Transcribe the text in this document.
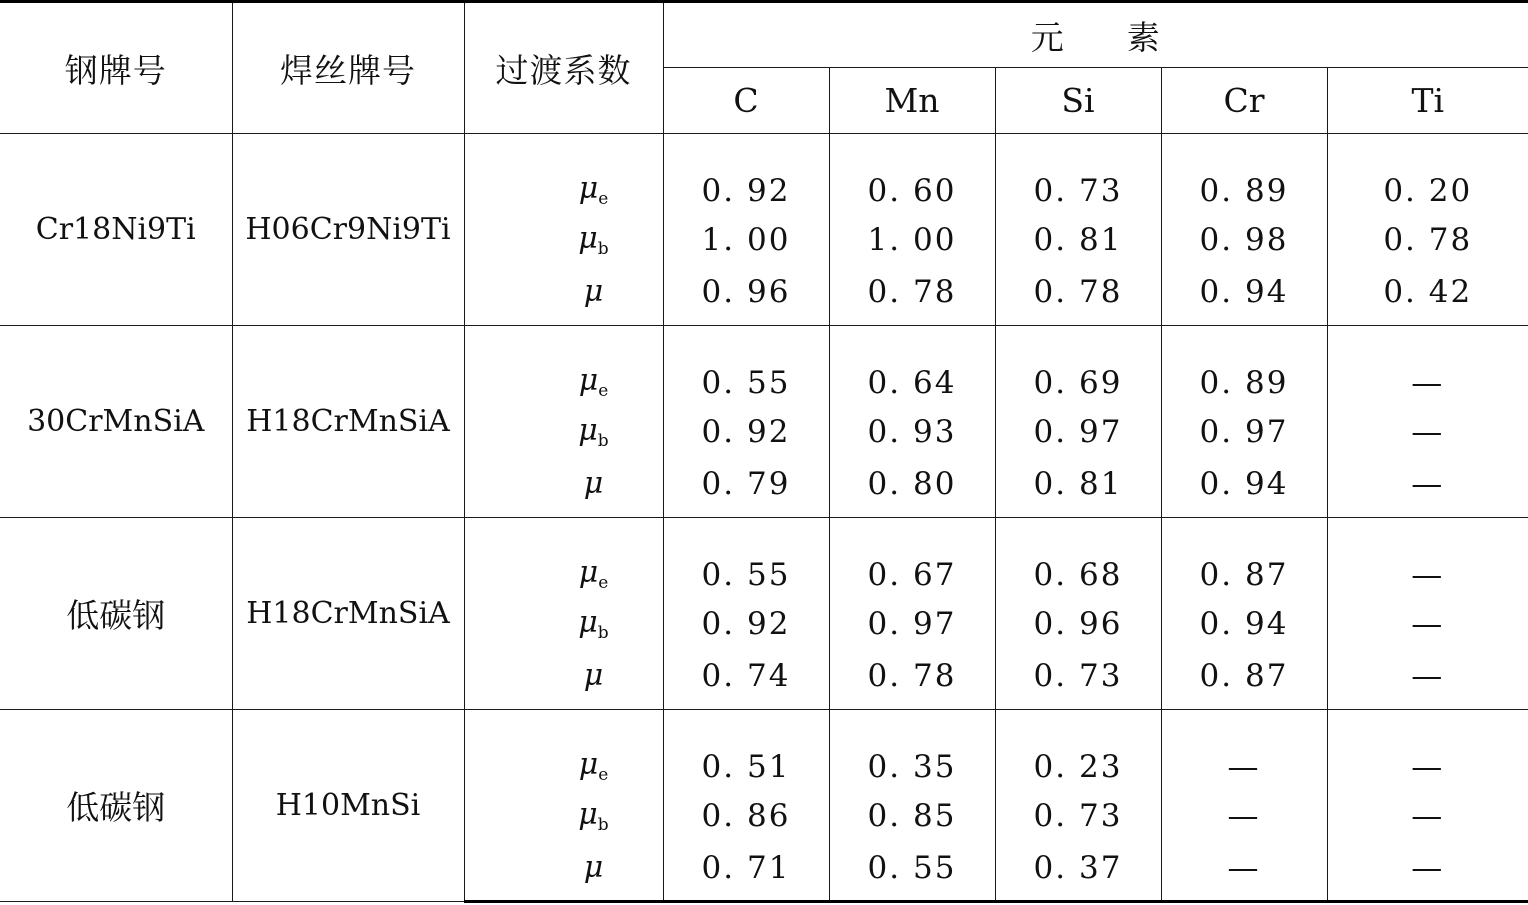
钢牌号	焊丝牌号	过渡系数	元 素				
			C	Mn	Si	Cr	Ti
Cr18Ni9Ti	H06Cr9Ni9Ti	$\mu_e$	0. 92	0. 60	0. 73	0. 89	0. 20
		$\mu_b$	1. 00	1. 00	0. 81	0. 98	0. 78
		μ	0. 96	0. 78	0. 78	0. 94	0. 42
30CrMnSiA	H18CrMnSiA	$\mu_e$	0. 55	0. 64	0. 69	0. 89	—
		$\mu_b$	0. 92	0. 93	0. 97	0. 97	—
		μ	0. 79	0. 80	0. 81	0. 94	—
低碳钢	H18CrMnSiA	$\mu_e$	0. 55	0. 67	0. 68	0. 87	—
		$\mu_b$	0. 92	0. 97	0. 96	0. 94	—
		μ	0. 74	0. 78	0. 73	0. 87	—
低碳钢	H10MnSi	$\mu_e$	0. 51	0. 35	0. 23	—	—
		$\mu_b$	0. 86	0. 85	0. 73	—	—
		μ	0. 71	0. 55	0. 37	—	—
